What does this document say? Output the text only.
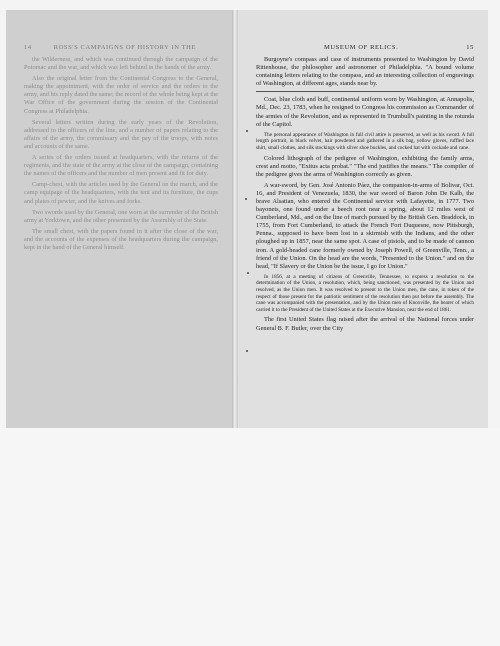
14	ROSS'S CAMPAIGNS OF HISTORY IN THE

the Wilderness, and which was continued through the campaign of the Potomac and the war, and which was left behind in the hands of the army.

Also the original letter from the Continental Congress to the General, making the appointment, with the order of service and the orders to the army, and his reply dated the same; the record of the whole being kept at the War Office of the government during the session of the Continental Congress at Philadelphia.

Several letters written during the early years of the Revolution, addressed to the officers of the line, and a number of papers relating to the affairs of the army, the commissary and the pay of the troops, with notes and accounts of the same.

A series of the orders issued at headquarters, with the returns of the regiments, and the state of the army at the close of the campaign, containing the names of the officers and the number of men present and fit for duty.

Camp-chest, with the articles used by the General on the march, and the camp equipage of the headquarters, with the tent and its furniture, the cups and plates of pewter, and the knives and forks.

Two swords used by the General, one worn at the surrender of the British army at Yorktown, and the other presented by the Assembly of the State.

The small chest, with the papers found in it after the close of the war, and the accounts of the expenses of the headquarters during the campaign, kept in the hand of the General himself.

MUSEUM OF RELICS.	15

Burgoyne's compass and case of instruments presented to Washington by David Rittenhouse, the philosopher and astronomer of Philadelphia. "A bound volume containing letters relating to the compass, and an interesting collection of engravings of Washington, at different ages, stands near by.

Coat, blue cloth and buff, continental uniform worn by Washington, at Annapolis, Md., Dec. 23, 1783, when he resigned to Congress his commission as Commander of the armies of the Revolution, and as represented in Trumbull's painting in the rotunda of the Capitol.

The personal appearance of Washington in full civil attire is preserved, as well as his sword. A full length portrait, in black velvet, hair powdered and gathered in a silk bag, yellow gloves, ruffled lace shirt, small clothes, and silk stockings with silver shoe buckles, and cocked hat with cockade and cane.

Colored lithograph of the pedigree of Washington, exhibiting the family arms, crest and motto, "Exitus acta probat." "The end justifies the means." The compiler of the pedigree gives the arms of Washington correctly as given.

A war-sword, by Gen. José Antonio Páez, the companion-in-arms of Bolivar, Oct. 16, and President of Venezuela, 1830, the war sword of Baron John De Kalb, the brave Alsatian, who entered the Continental service with Lafayette, in 1777. Two bayonets, one found under a beech root near a spring, about 12 miles west of Cumberland, Md., and on the line of march pursued by the British Gen. Braddock, in 1755, from Fort Cumberland, to attack the French Fort Duquesne, now Pittsburgh, Penna., supposed to have been lost in a skirmish with the Indians, and the other ploughed up in 1857, near the same spot. A case of pistols, and to be made of cannon iron. A gold-headed cane formerly owned by Joseph Powell, of Greenville, Tenn., a friend of the Union. On the head are the words, "Presented to the Union." and on the head, "If Slavery or the Union be the issue, I go for Union."

In 1856, at a meeting of citizens of Greenville, Tennessee, to express a resolution to the determination of the Union, a resolution, which, being sanctioned, was presented by the Union and resolved, as the Union men. It was resolved to present to the Union men, the cane, in token of the respect of those present for the patriotic sentiment of the resolution then put before the assembly. The cane was accompanied with the presentation, and by the Union men of Knoxville, the bearer of which carried it to the President of the United States at the Executive Mansion, near the end of 1861.

The first United States flag raised after the arrival of the National forces under General B. F. Butler, over the City
